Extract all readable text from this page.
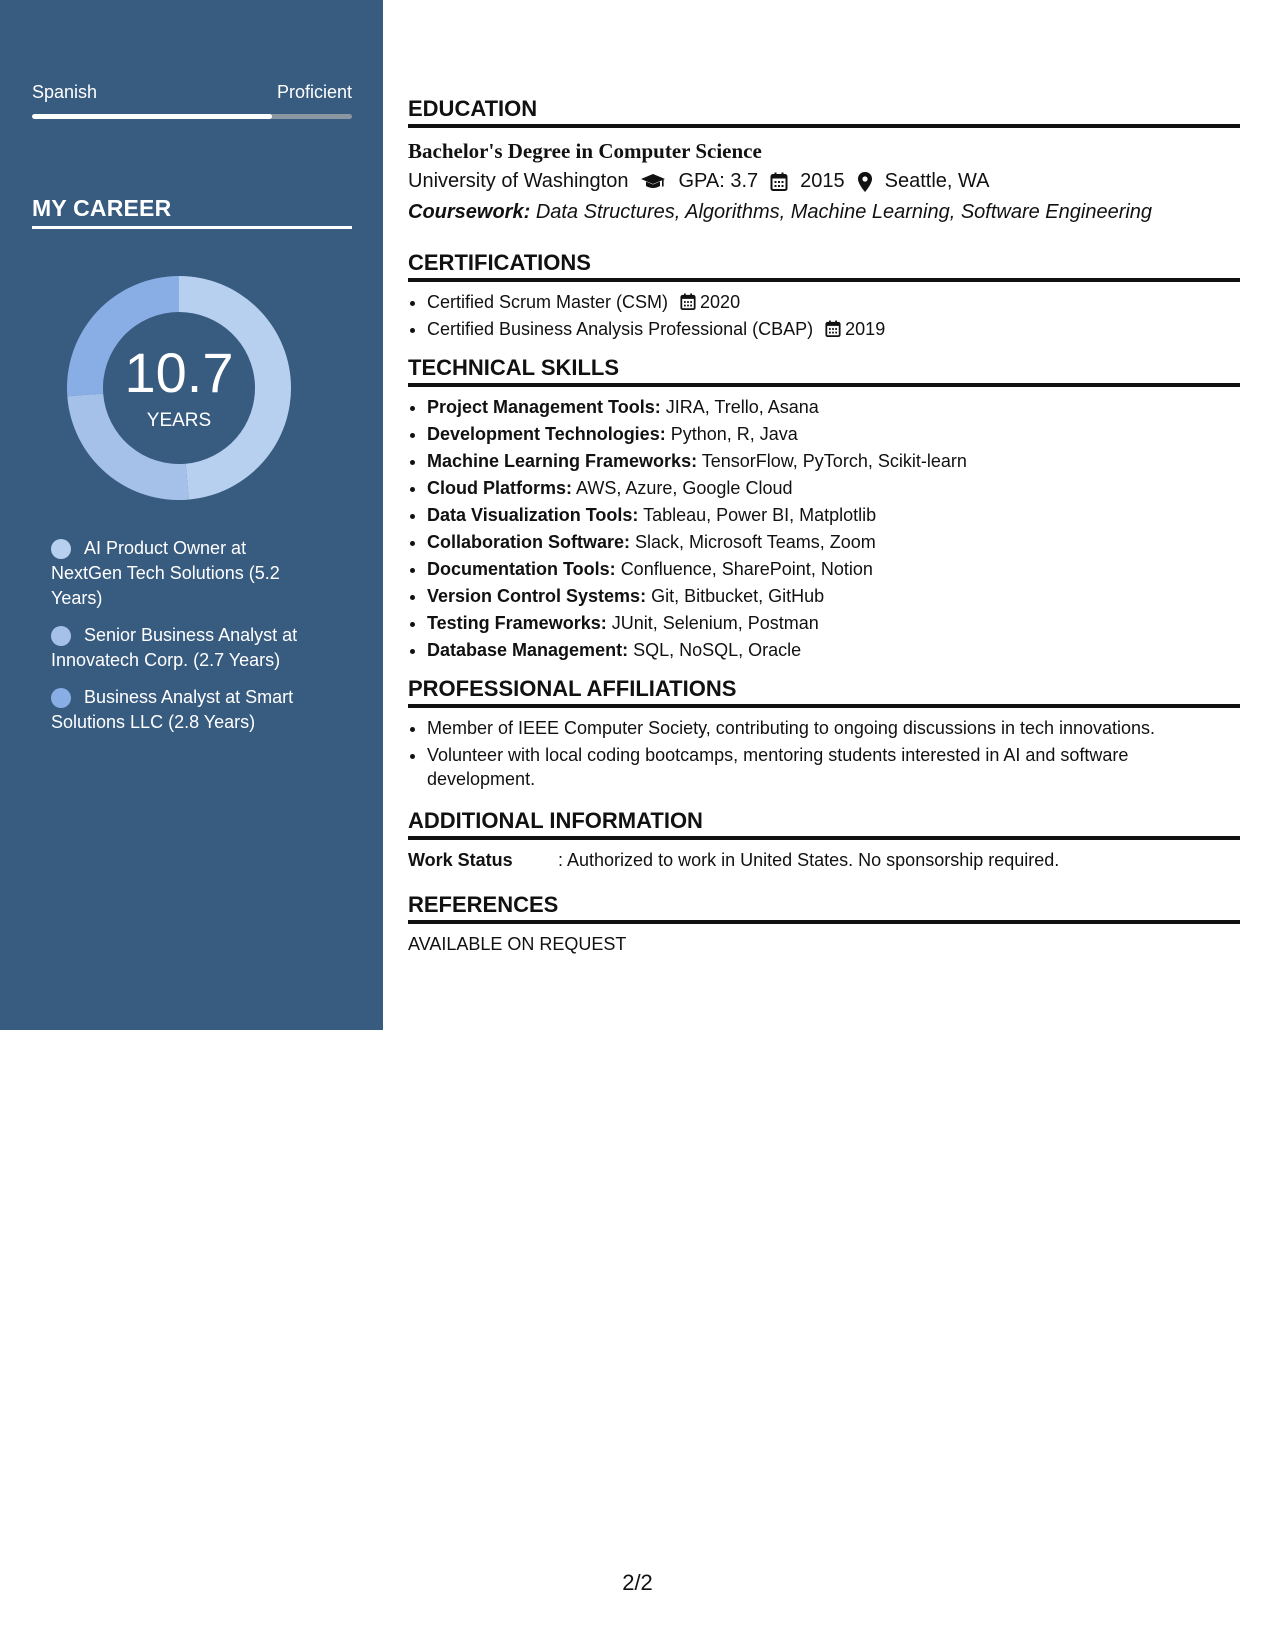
Spanish	Proficient
MY CAREER
10.7
YEARS
AI Product Owner at NextGen Tech Solutions (5.2 Years)
Senior Business Analyst at Innovatech Corp. (2.7 Years)
Business Analyst at Smart Solutions LLC (2.8 Years)
EDUCATION
Bachelor's Degree in Computer Science
University of Washington	GPA: 3.7 2015 Seattle, WA
Coursework: Data Structures, Algorithms, Machine Learning, Software Engineering
CERTIFICATIONS
• Certified Scrum Master (CSM) 2020
• Certified Business Analysis Professional (CBAP) 2019
TECHNICAL SKILLS
• Project Management Tools: JIRA, Trello, Asana
• Development Technologies: Python, R, Java
• Machine Learning Frameworks: TensorFlow, PyTorch, Scikit-learn
• Cloud Platforms: AWS, Azure, Google Cloud
• Data Visualization Tools: Tableau, Power BI, Matplotlib
• Collaboration Software: Slack, Microsoft Teams, Zoom
• Documentation Tools: Confluence, SharePoint, Notion
• Version Control Systems: Git, Bitbucket, GitHub
• Testing Frameworks: JUnit, Selenium, Postman
• Database Management: SQL, NoSQL, Oracle
PROFESSIONAL AFFILIATIONS
• Member of IEEE Computer Society, contributing to ongoing discussions in tech innovations.
• Volunteer with local coding bootcamps, mentoring students interested in AI and software development.
ADDITIONAL INFORMATION
Work Status	: Authorized to work in United States. No sponsorship required.
REFERENCES
AVAILABLE ON REQUEST
2/2
